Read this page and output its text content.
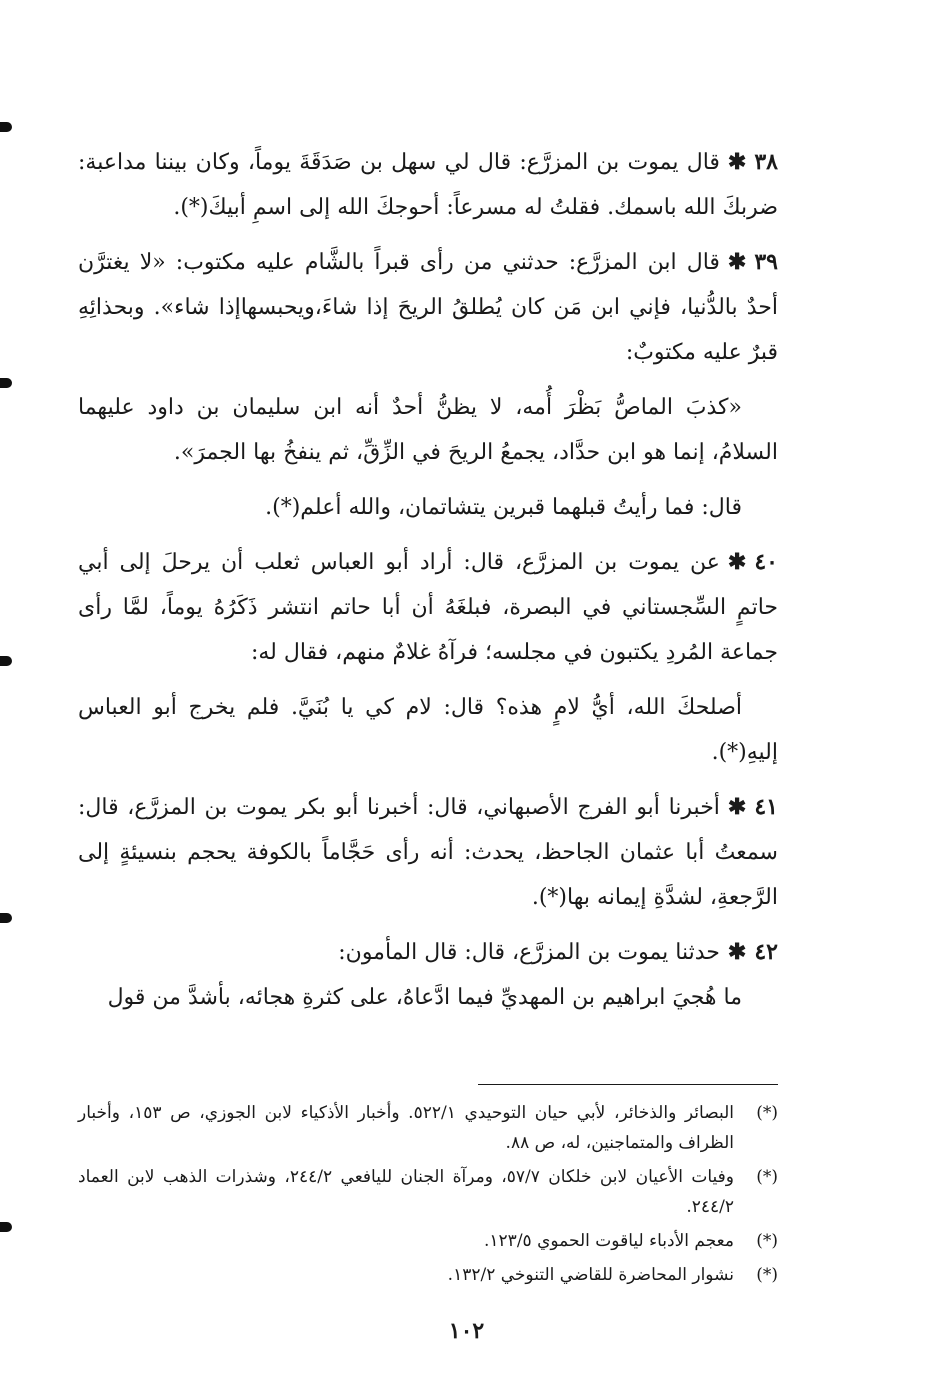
٣٨✱قال يموت بن المزرَّع: قال لي سهل بن صَدَقَةَ يوماً، وكان بيننا مداعبة: ضربكَ الله باسمك. فقلتُ له مسرعاً: أحوجكَ الله إلى اسمِ أبيكَ(*).

٣٩✱قال ابن المزرَّع: حدثني من رأى قبراً بالشَّام عليه مكتوب: «لا يغترَّن أحدٌ بالدُّنيا، فإني ابن مَن كان يُطلقُ الريحَ إذا شاءَ،ويحبسهاإذا شاء». وبحذائِهِ قبرٌ عليه مكتوبٌ:

«كذبَ الماصُّ بَظْرَ أُمه، لا يظنُّ أحدٌ أنه ابن سليمان بن داود عليهما السلامُ، إنما هو ابن حدَّاد، يجمعُ الريحَ في الزِّقِّ، ثم ينفخُ بها الجمرَ».

قال: فما رأيتُ قبلهما قبرين يتشاتمان، والله أعلم(*).

٤٠✱عن يموت بن المزرَّع، قال: أراد أبو العباس ثعلب أن يرحلَ إلى أبي حاتمٍ السِّجستاني في البصرة، فبلغَهُ أن أبا حاتم انتشر ذَكَرُهُ يوماً، لمَّا رأى جماعة المُردِ يكتبون في مجلسه؛ فرآهُ غلامٌ منهم، فقال له:

أصلحكَ الله، أيُّ لامٍ هذه؟ قال: لام كي يا بُنَيَّ. فلم يخرج أبو العباس إليهِ(*).

٤١✱أخبرنا أبو الفرج الأصبهاني، قال: أخبرنا أبو بكر يموت بن المزرَّع، قال: سمعتُ أبا عثمان الجاحظ، يحدث: أنه رأى حَجَّاماً بالكوفة يحجم بنسيئةٍ إلى الرَّجعةِ، لشدَّةِ إيمانه بها(*).

٤٢✱حدثنا يموت بن المزرَّع، قال: قال المأمون:

ما هُجيَ ابراهيم بن المهديِّ فيما ادَّعاهُ، على كثرةِ هجائه، بأشدَّ من قول

(*)
البصائر والذخائر، لأبي حيان التوحيدي ٥٢٢/١. وأخبار الأذكياء لابن الجوزي، ص ١٥٣، وأخبار الظراف والمتماجنين، له، ص ٨٨.
(*)
وفيات الأعيان لابن خلكان ٥٧/٧، ومرآة الجنان لليافعي ٢٤٤/٢، وشذرات الذهب لابن العماد ٢٤٤/٢.
(*)
معجم الأدباء لياقوت الحموي ١٢٣/٥.
(*)
نشوار المحاضرة للقاضي التنوخي ١٣٢/٢.
١٠٢
